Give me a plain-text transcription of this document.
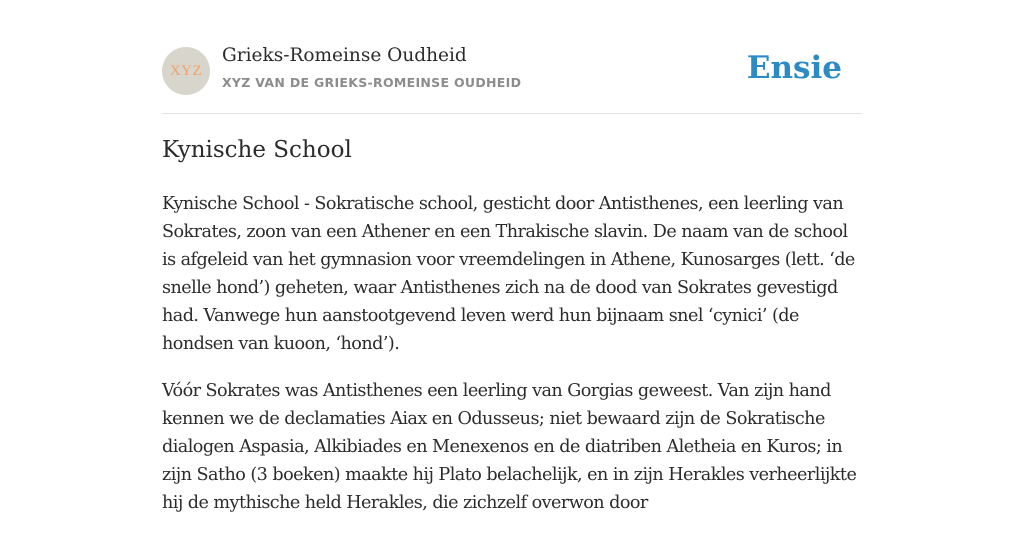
XYZ
Grieks-Romeinse Oudheid
XYZ VAN DE GRIEKS-ROMEINSE OUDHEID	Ensie
Kynische School

Kynische School - Sokratische school, gesticht door Antisthenes, een leerling van Sokrates, zoon van een Athener en een Thrakische slavin. De naam van de school is afgeleid van het gymnasion voor vreemdelingen in Athene, Kunosarges (lett. ‘de snelle hond’) geheten, waar Antisthenes zich na de dood van Sokrates gevestigd had. Vanwege hun aanstootgevend leven werd hun bijnaam snel ‘cynici’ (de hondsen van kuoon, ‘hond’).

Vóór Sokrates was Antisthenes een leerling van Gorgias geweest. Van zijn hand kennen we de declamaties Aiax en Odusseus; niet bewaard zijn de Sokratische dialogen Aspasia, Alkibiades en Menexenos en de diatriben Aletheia en Kuros; in zijn Satho (3 boeken) maakte hij Plato belachelijk, en in zijn Herakles verheerlijkte hij de mythische held Herakles, die zichzelf overwon door
